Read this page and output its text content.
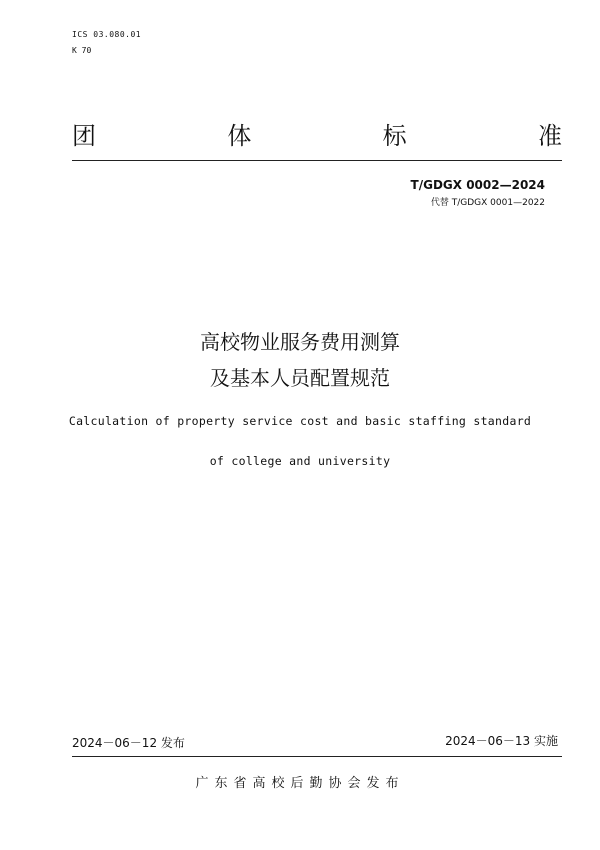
ICS 03.080.01
K 70
团	体	标	准
T/GDGX 0002—2024
代替 T/GDGX 0001—2022
高校物业服务费用测算
及基本人员配置规范
Calculation of property service cost and basic staffing standard
of college and university
2024－06－12 发布	2024－06－13 实施
广东省高校后勤协会发布
